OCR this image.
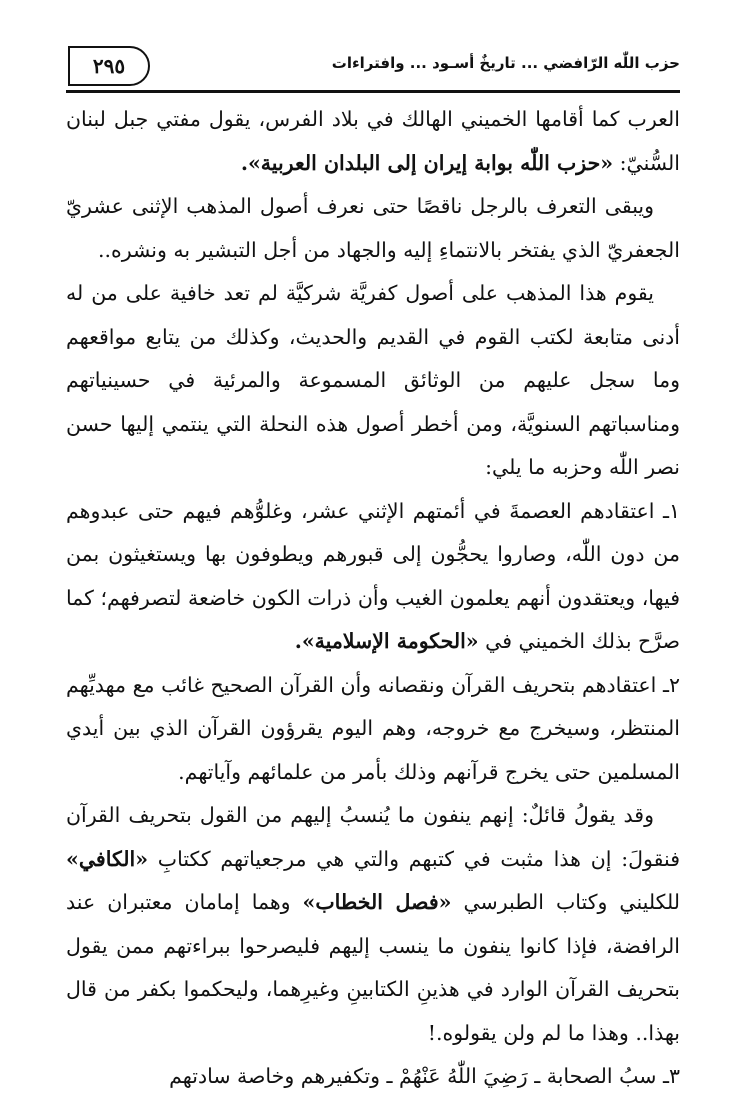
٢٩٥	حزب اللّٰه الرّافضي ... تاريخٌ أسـود ... وافتراءات

العرب كما أقامها الخميني الهالك في بلاد الفرس، يقول مفتي جبل لبنان السُّنيّ: «حزب اللّٰه بوابة إيران إلى البلدان العربية».

ويبقى التعرف بالرجل ناقصًا حتى نعرف أصول المذهب الإثنى عشريّ الجعفريّ الذي يفتخر بالانتماءِ إليه والجهاد من أجل التبشير به ونشره..

يقوم هذا المذهب على أصول كفريَّة شركيَّة لم تعد خافية على من له أدنى متابعة لكتب القوم في القديم والحديث، وكذلك من يتابع مواقعهم وما سجل عليهم من الوثائق المسموعة والمرئية في حسينياتهم ومناسباتهم السنويَّة، ومن أخطر أصول هذه النحلة التي ينتمي إليها حسن نصر اللّٰه وحزبه ما يلي:

١ـ اعتقادهم العصمةَ في أئمتهم الإثني عشر، وغلوُّهم فيهم حتى عبدوهم من دون اللّٰه، وصاروا يحجُّون إلى قبورهم ويطوفون بها ويستغيثون بمن فيها، ويعتقدون أنهم يعلمون الغيب وأن ذرات الكون خاضعة لتصرفهم؛ كما صرَّح بذلك الخميني في «الحكومة الإسلامية».

٢ـ اعتقادهم بتحريف القرآن ونقصانه وأن القرآن الصحيح غائب مع مهديِّهم المنتظر، وسيخرج مع خروجه، وهم اليوم يقرؤون القرآن الذي بين أيدي المسلمين حتى يخرج قرآنهم وذلك بأمر من علمائهم وآياتهم.

وقد يقولُ قائلٌ: إنهم ينفون ما يُنسبُ إليهم من القول بتحريف القرآن فنقولَ: إن هذا مثبت في كتبهم والتي هي مرجعياتهم ككتابِ «الكافي» للكليني وكتاب الطبرسي «فصل الخطاب» وهما إمامان معتبران عند الرافضة، فإذا كانوا ينفون ما ينسب إليهم فليصرحوا ببراءتهم ممن يقول بتحريف القرآن الوارد في هذينِ الكتابينِ وغيرِهما، وليحكموا بكفر من قال بهذا.. وهذا ما لم ولن يقولوه.!

٣ـ سبُ الصحابة ـ رَضِيَ اللّٰهُ عَنْهُمْ ـ وتكفيرهم وخاصة سادتهم
